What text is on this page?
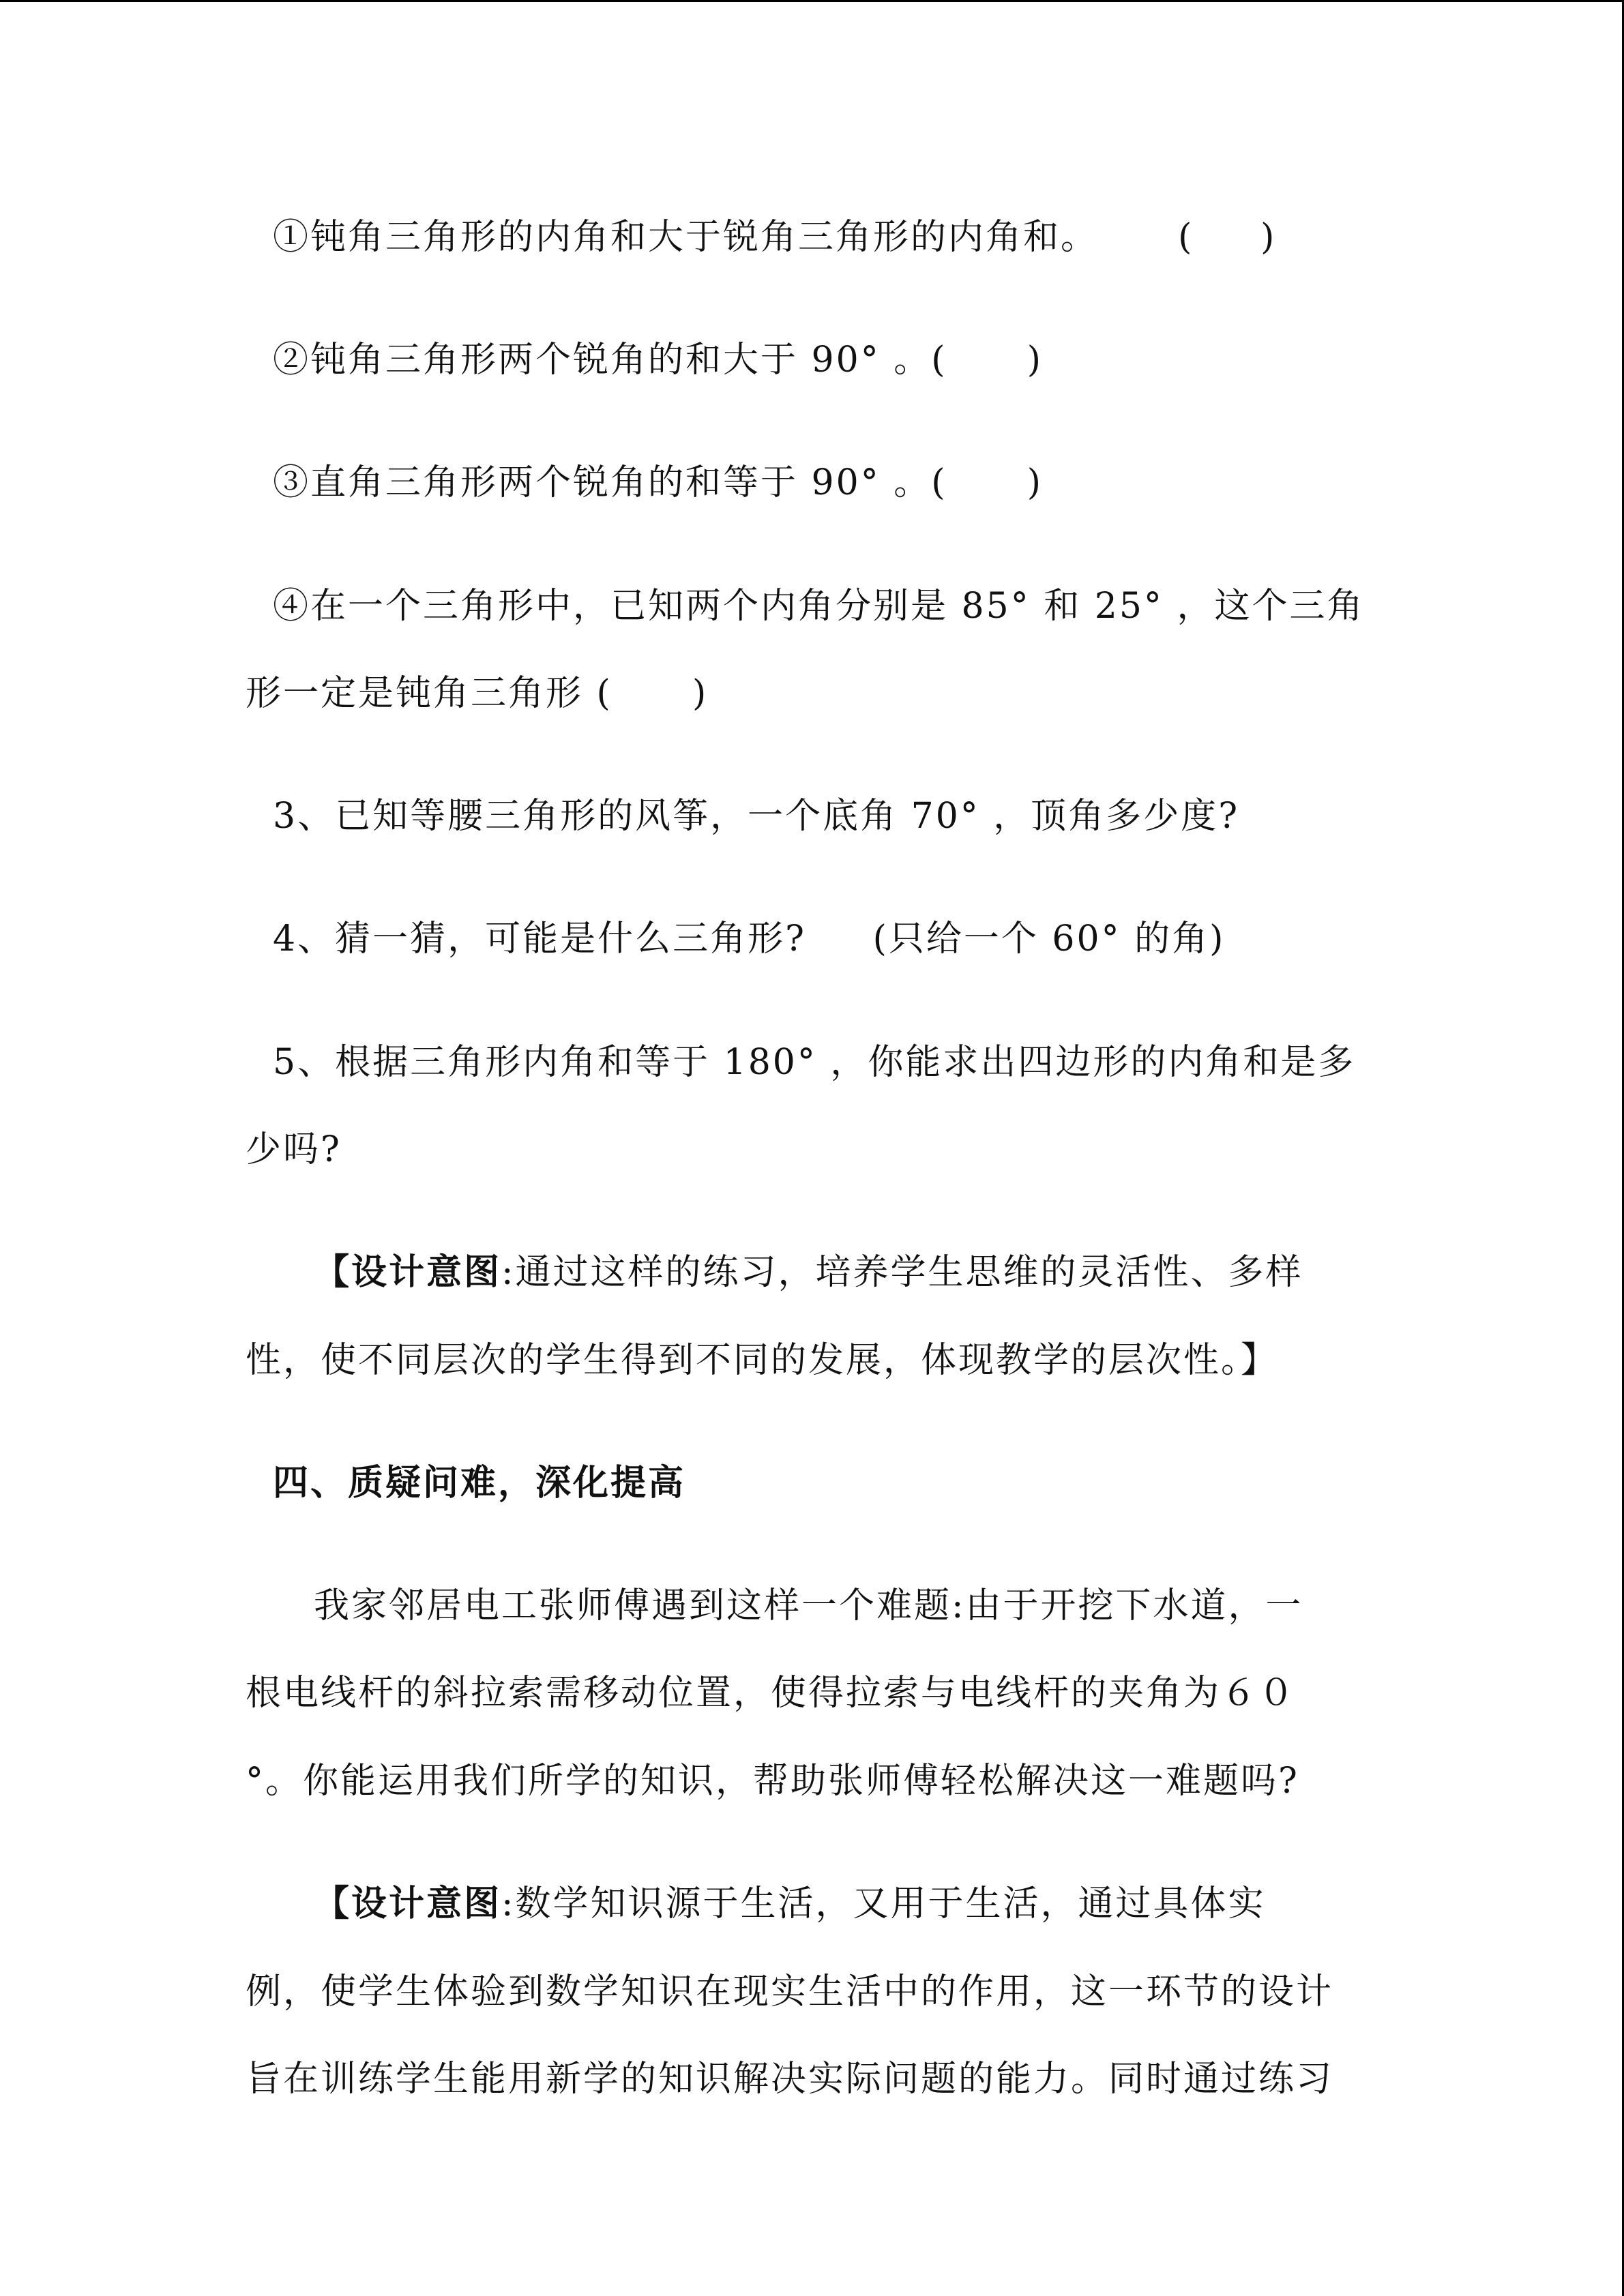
①钝角三角形的内角和大于锐角三角形的内角和。      (     )
②钝角三角形两个锐角的和大于 90° 。(      )
③直角三角形两个锐角的和等于 90° 。(      )
④在一个三角形中，已知两个内角分别是 85° 和 25° ，这个三角
形一定是钝角三角形 (      )
3、已知等腰三角形的风筝，一个底角 70° ，顶角多少度?
4、猜一猜，可能是什么三角形?     (只给一个 60° 的角)
5、根据三角形内角和等于 180° ，你能求出四边形的内角和是多
少吗?
【设计意图:通过这样的练习，培养学生思维的灵活性、多样
性，使不同层次的学生得到不同的发展，体现教学的层次性。】
四、质疑问难，深化提高
我家邻居电工张师傅遇到这样一个难题:由于开挖下水道，一
根电线杆的斜拉索需移动位置，使得拉索与电线杆的夹角为６０
°。你能运用我们所学的知识，帮助张师傅轻松解决这一难题吗?
【设计意图:数学知识源于生活，又用于生活，通过具体实
例，使学生体验到数学知识在现实生活中的作用，这一环节的设计
旨在训练学生能用新学的知识解决实际问题的能力。同时通过练习
